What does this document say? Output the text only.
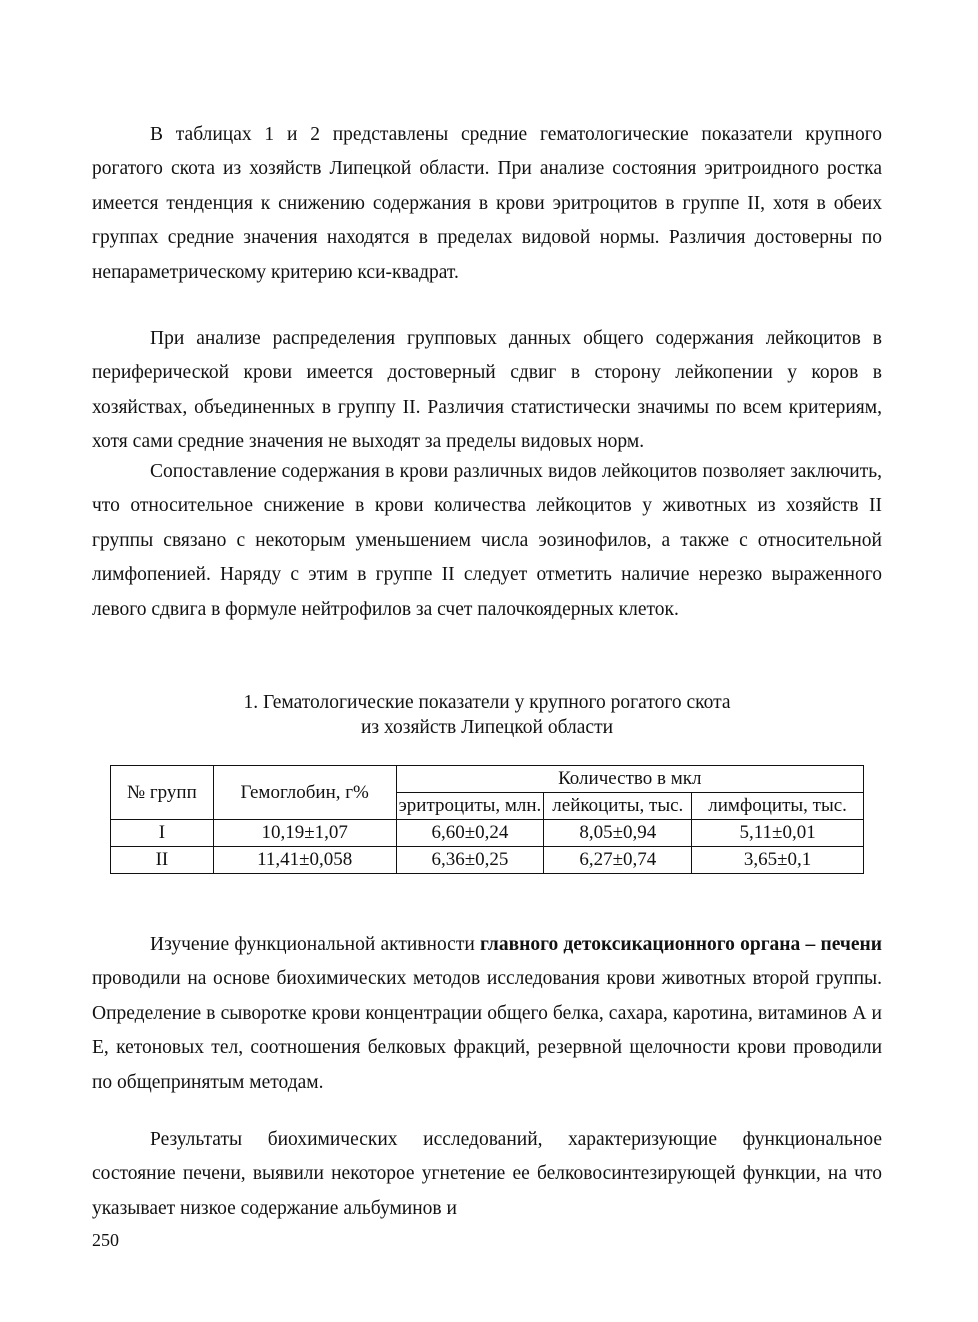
В таблицах 1 и 2 представлены средние гематологические показатели крупного рогатого скота из хозяйств Липецкой области. При анализе состояния эритроидного ростка имеется тенденция к снижению содержания в крови эритроцитов в группе II, хотя в обеих группах средние значения находятся в пределах видовой нормы. Различия достоверны по непараметрическому критерию кси-квадрат.

При анализе распределения групповых данных общего содержания лейкоцитов в периферической крови имеется достоверный сдвиг в сторону лейкопении у коров в хозяйствах, объединенных в группу II. Различия статистически значимы по всем критериям, хотя сами средние значения не выходят за пределы видовых норм.

Сопоставление содержания в крови различных видов лейкоцитов позволяет заключить, что относительное снижение в крови количества лейкоцитов у животных из хозяйств II группы связано с некоторым уменьшением числа эозинофилов, а также с относительной лимфопенией. Наряду с этим в группе II следует отметить наличие нерезко выраженного левого сдвига в формуле нейтрофилов за счет палочкоядерных клеток.

1. Гематологические показатели у крупного рогатого скота
из хозяйств Липецкой области
№ групп	Гемоглобин, г%	Количество в мкл		
		эритроциты, млн.	лейкоциты, тыс.	лимфоциты, тыс.
I	10,19±1,07	6,60±0,24	8,05±0,94	5,11±0,01
II	11,41±0,058	6,36±0,25	6,27±0,74	3,65±0,1

Изучение функциональной активности главного детоксикационного органа – печени проводили на основе биохимических методов исследования крови животных второй группы. Определение в сыворотке крови концентрации общего белка, сахара, каротина, витаминов А и Е, кетоновых тел, соотношения белковых фракций, резервной щелочности крови проводили по общепринятым методам.

Результаты биохимических исследований, характеризующие функциональное состояние печени, выявили некоторое угнетение ее белковосинтезирующей функции, на что указывает низкое содержание альбуминов и

250
